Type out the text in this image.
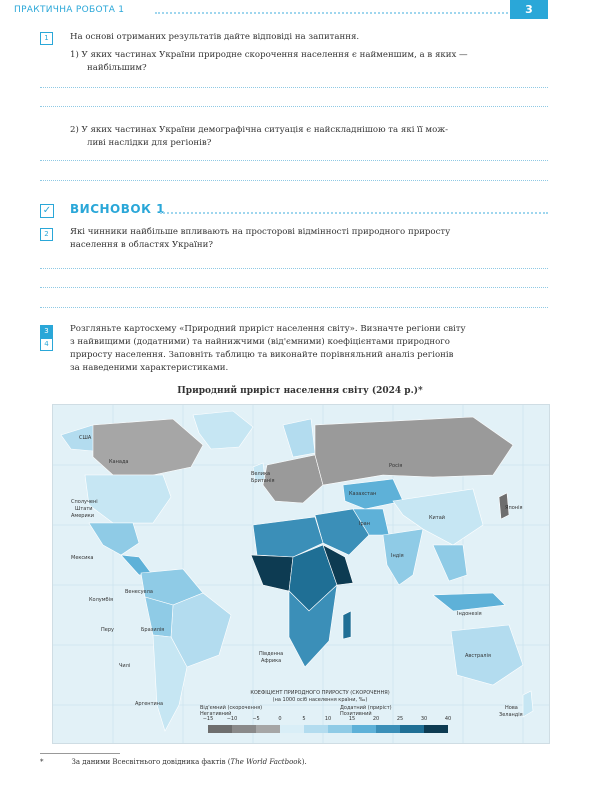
ПРАКТИЧНА РОБОТА 1	3
1	На основі отриманих результатів дайте відповіді на запитання.
1) У яких частинах України природне скорочення населення є найменшим, а в яких —
найбільшим?
2) У яких частинах України демографічна ситуація є найскладнішою та які її мож-
ливі наслідки для регіонів?
✓ ВИСНОВОК 1
2	Які чинники найбільше впливають на просторові відмінності природного приросту
населення в областях України?
3
4
Розгляньте картосхему «Природний приріст населення світу». Визначте регіони світу
з найвищими (додатними) та найнижчими (від'ємними) коефіцієнтами природного
приросту населення. Заповніть таблицю та виконайте порівняльний аналіз регіонів
за наведеними характеристиками.
Природний приріст населення світу (2024 р.)*
США
Канада
Сполучені
Штати
Америки
Мексика
Колумбія
Венесуела
Перу	Бразилія
Чилі
Аргентина
Велика
Британія
Росія
Казахстан
Китай
Японія
Іран
Індія
Індонезія
Австралія
Південна
Африка
Нова
Зеландія
КОЕФІЦІЄНТ ПРИРОДНОГО ПРИРОСТУ (СКОРОЧЕННЯ)
(на 1000 осіб населення країни, ‰)
Від'ємний (скорочення)
Негативний
Додатний (приріст)
Позитивний
−15	−10	−5	0	5	10	15	20	25	30	40
*	За даними Всесвітнього довідника фактів (The World Factbook).
